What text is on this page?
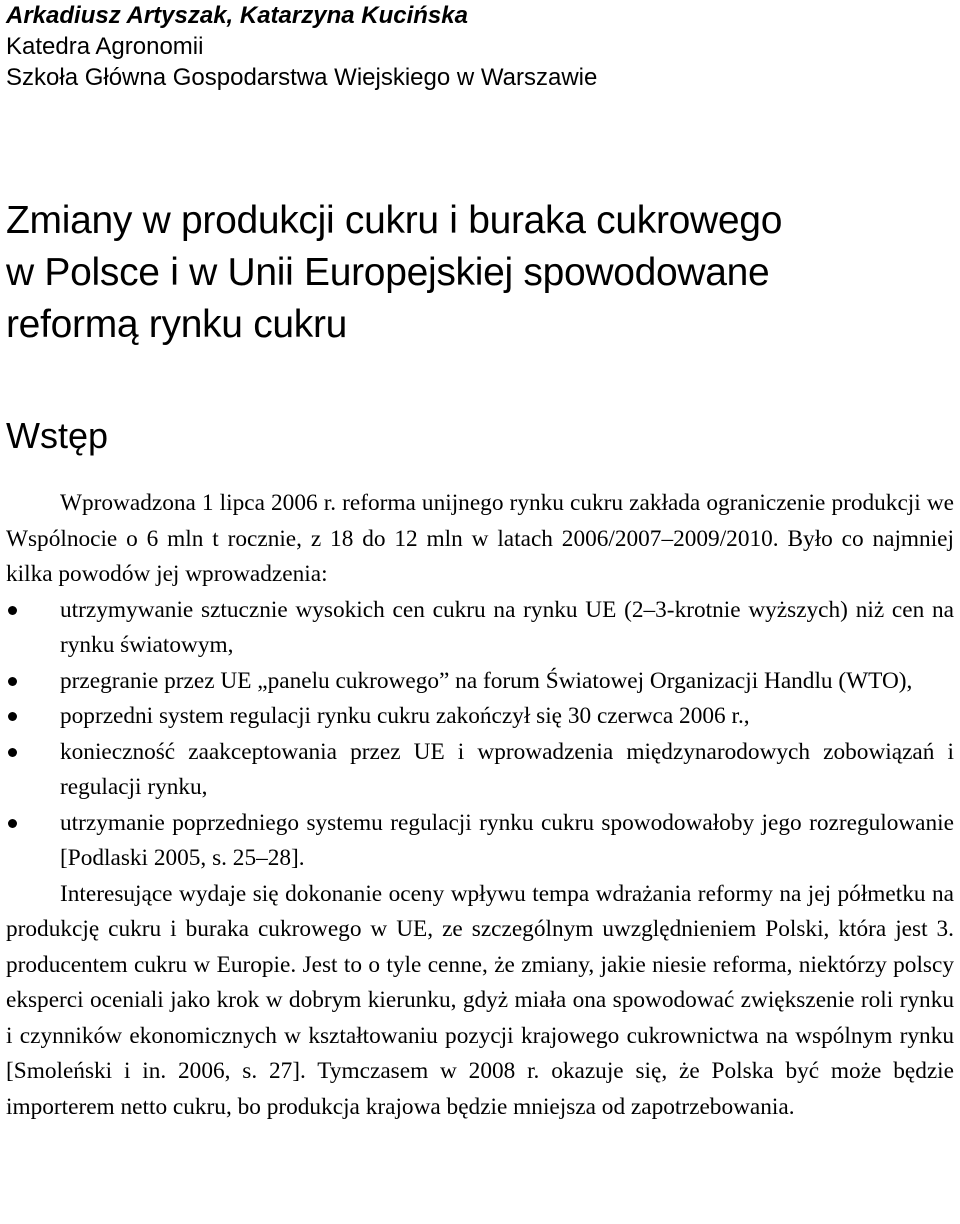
Arkadiusz Artyszak, Katarzyna Kucińska
Katedra Agronomii
Szkoła Główna Gospodarstwa Wiejskiego w Warszawie
Zmiany w produkcji cukru i buraka cukrowego
w Polsce i w Unii Europejskiej spowodowane
reformą rynku cukru
Wstęp

Wprowadzona 1 lipca 2006 r. reforma unijnego rynku cukru zakłada ograniczenie produkcji we Wspólnocie o 6 mln t rocznie, z 18 do 12 mln w latach 2006/2007–2009/2010. Było co najmniej kilka powodów jej wprowadzenia:

utrzymywanie sztucznie wysokich cen cukru na rynku UE (2–3-krotnie wyższych) niż cen na rynku światowym,
przegranie przez UE „panelu cukrowego” na forum Światowej Organizacji Handlu (WTO),
poprzedni system regulacji rynku cukru zakończył się 30 czerwca 2006 r.,
konieczność zaakceptowania przez UE i wprowadzenia międzynarodowych zobowiązań i regulacji rynku,
utrzymanie poprzedniego systemu regulacji rynku cukru spowodowałoby jego rozregulowanie [Podlaski 2005, s. 25–28].

Interesujące wydaje się dokonanie oceny wpływu tempa wdrażania reformy na jej półmetku na produkcję cukru i buraka cukrowego w UE, ze szczególnym uwzględnieniem Polski, która jest 3. producentem cukru w Europie. Jest to o tyle cenne, że zmiany, jakie niesie reforma, niektórzy polscy eksperci oceniali jako krok w dobrym kierunku, gdyż miała ona spowodować zwiększenie roli rynku i czynników ekonomicznych w kształtowaniu pozycji krajowego cukrownictwa na wspólnym rynku [Smoleński i in. 2006, s. 27]. Tymczasem w 2008 r. okazuje się, że Polska być może będzie importerem netto cukru, bo produkcja krajowa będzie mniejsza od zapotrzebowania.
